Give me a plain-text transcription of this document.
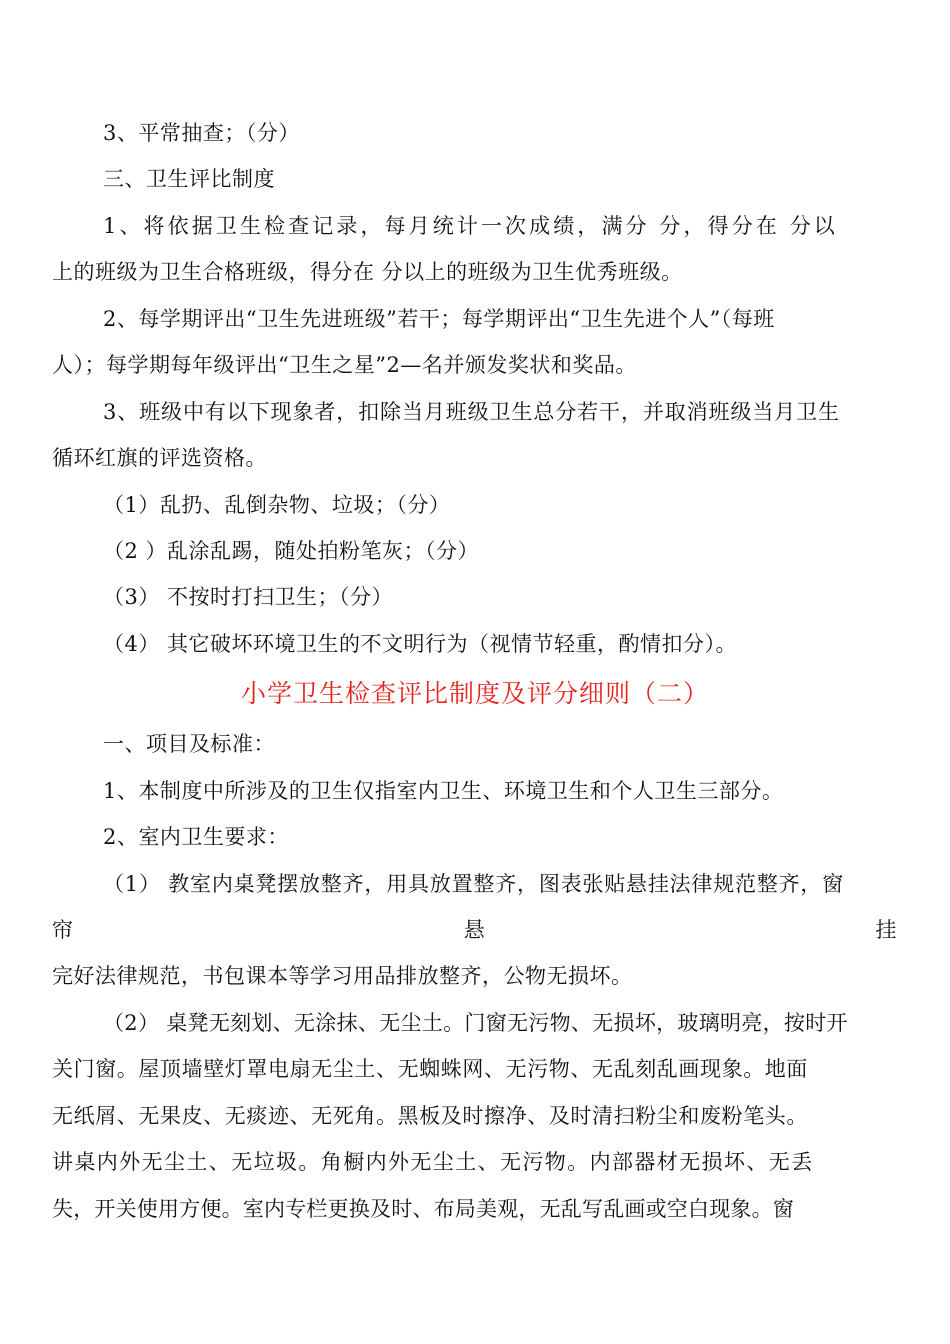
3、平常抽查；（分）
三、卫生评比制度
1、将依据卫生检查记录，每月统计一次成绩，满分 分，得分在 分以
上的班级为卫生合格班级，得分在 分以上的班级为卫生优秀班级。
2、每学期评出“卫生先进班级”若干；每学期评出“卫生先进个人”（每班
人）；每学期每年级评出“卫生之星”2—名并颁发奖状和奖品。
3、班级中有以下现象者，扣除当月班级卫生总分若干，并取消班级当月卫生
循环红旗的评选资格。
（1）乱扔、乱倒杂物、垃圾；（分）
（2 ）乱涂乱踢，随处拍粉笔灰；（分）
（3） 不按时打扫卫生；（分）
（4） 其它破坏环境卫生的不文明行为（视情节轻重，酌情扣分）。
小学卫生检查评比制度及评分细则（二）
一、项目及标准：
1、本制度中所涉及的卫生仅指室内卫生、环境卫生和个人卫生三部分。
2、室内卫生要求：
（1） 教室内桌凳摆放整齐，用具放置整齐，图表张贴悬挂法律规范整齐，窗
帘	悬	挂
完好法律规范，书包课本等学习用品排放整齐，公物无损坏。
（2） 桌凳无刻划、无涂抹、无尘土。门窗无污物、无损坏，玻璃明亮，按时开
关门窗。屋顶墙壁灯罩电扇无尘土、无蜘蛛网、无污物、无乱刻乱画现象。地面
无纸屑、无果皮、无痰迹、无死角。黑板及时擦净、及时清扫粉尘和废粉笔头。
讲桌内外无尘土、无垃圾。角橱内外无尘土、无污物。内部器材无损坏、无丢
失，开关使用方便。室内专栏更换及时、布局美观，无乱写乱画或空白现象。窗
